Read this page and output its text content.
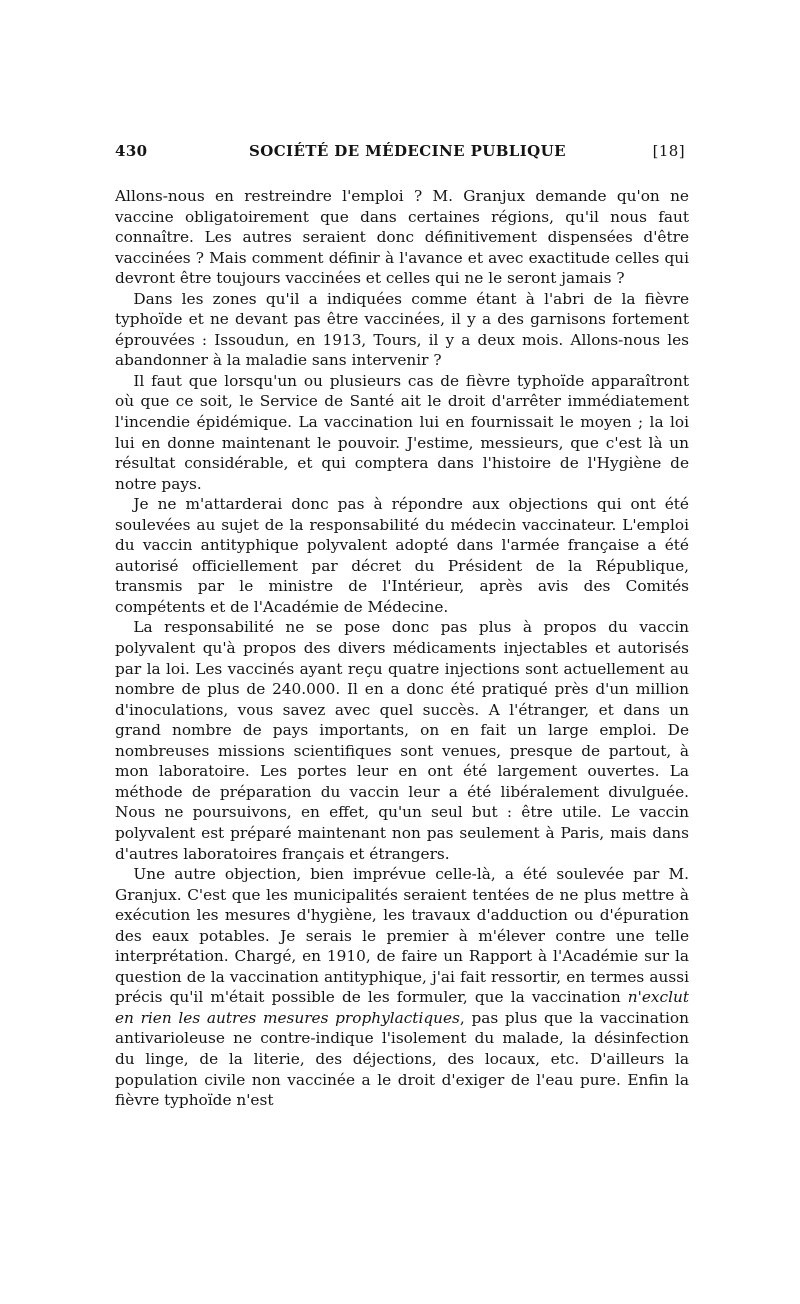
430	SOCIÉTÉ DE MÉDECINE PUBLIQUE	[18]

Allons-nous en restreindre l'emploi ? M. Granjux demande qu'on ne vaccine obligatoirement que dans certaines régions, qu'il nous faut connaître. Les autres seraient donc définitivement dispensées d'être vaccinées ? Mais comment définir à l'avance et avec exactitude celles qui devront être toujours vaccinées et celles qui ne le seront jamais ?

Dans les zones qu'il a indiquées comme étant à l'abri de la fièvre typhoïde et ne devant pas être vaccinées, il y a des garnisons fortement éprouvées : Issoudun, en 1913, Tours, il y a deux mois. Allons-nous les abandonner à la maladie sans intervenir ?

Il faut que lorsqu'un ou plusieurs cas de fièvre typhoïde apparaîtront où que ce soit, le Service de Santé ait le droit d'arrêter immédiatement l'incendie épidémique. La vaccination lui en fournissait le moyen ; la loi lui en donne maintenant le pouvoir. J'estime, messieurs, que c'est là un résultat considérable, et qui comptera dans l'histoire de l'Hygiène de notre pays.

Je ne m'attarderai donc pas à répondre aux objections qui ont été soulevées au sujet de la responsabilité du médecin vaccinateur. L'emploi du vaccin antityphique polyvalent adopté dans l'armée française a été autorisé officiellement par décret du Président de la République, transmis par le ministre de l'Intérieur, après avis des Comités compétents et de l'Académie de Médecine.

La responsabilité ne se pose donc pas plus à propos du vaccin polyvalent qu'à propos des divers médicaments injectables et autorisés par la loi. Les vaccinés ayant reçu quatre injections sont actuellement au nombre de plus de 240.000. Il en a donc été pratiqué près d'un million d'inoculations, vous savez avec quel succès. A l'étranger, et dans un grand nombre de pays importants, on en fait un large emploi. De nombreuses missions scientifiques sont venues, presque de partout, à mon laboratoire. Les portes leur en ont été largement ouvertes. La méthode de préparation du vaccin leur a été libéralement divulguée. Nous ne poursuivons, en effet, qu'un seul but : être utile. Le vaccin polyvalent est préparé maintenant non pas seulement à Paris, mais dans d'autres laboratoires français et étrangers.

Une autre objection, bien imprévue celle-là, a été soulevée par M. Granjux. C'est que les municipalités seraient tentées de ne plus mettre à exécution les mesures d'hygiène, les travaux d'adduction ou d'épuration des eaux potables. Je serais le premier à m'élever contre une telle interprétation. Chargé, en 1910, de faire un Rapport à l'Académie sur la question de la vaccination antityphique, j'ai fait ressortir, en termes aussi précis qu'il m'était possible de les formuler, que la vaccination n'exclut en rien les autres mesures prophylactiques, pas plus que la vaccination antivarioleuse ne contre-indique l'isolement du malade, la désinfection du linge, de la literie, des déjections, des locaux, etc. D'ailleurs la population civile non vaccinée a le droit d'exiger de l'eau pure. Enfin la fièvre typhoïde n'est
